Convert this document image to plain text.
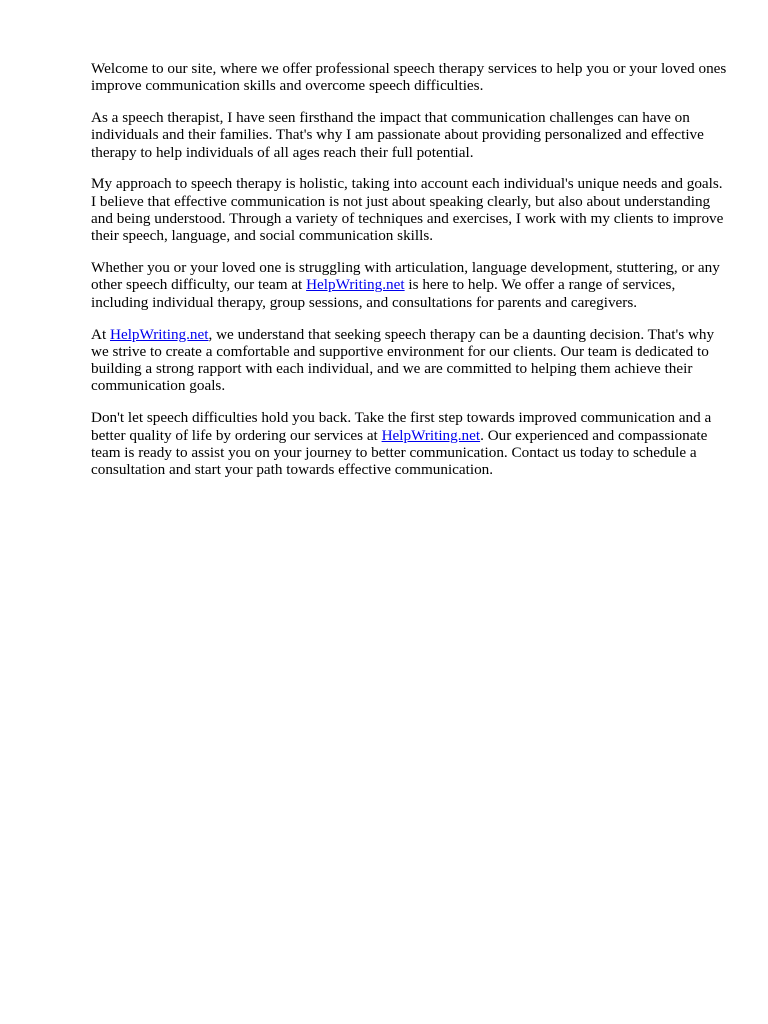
Welcome to our site, where we offer professional speech therapy services to help you or your loved ones improve communication skills and overcome speech difficulties.

As a speech therapist, I have seen firsthand the impact that communication challenges can have on individuals and their families. That's why I am passionate about providing personalized and effective therapy to help individuals of all ages reach their full potential.

My approach to speech therapy is holistic, taking into account each individual's unique needs and goals. I believe that effective communication is not just about speaking clearly, but also about understanding and being understood. Through a variety of techniques and exercises, I work with my clients to improve their speech, language, and social communication skills.

Whether you or your loved one is struggling with articulation, language development, stuttering, or any other speech difficulty, our team at HelpWriting.net is here to help. We offer a range of services, including individual therapy, group sessions, and consultations for parents and caregivers.

At HelpWriting.net, we understand that seeking speech therapy can be a daunting decision. That's why we strive to create a comfortable and supportive environment for our clients. Our team is dedicated to building a strong rapport with each individual, and we are committed to helping them achieve their communication goals.

Don't let speech difficulties hold you back. Take the first step towards improved communication and a better quality of life by ordering our services at HelpWriting.net. Our experienced and compassionate team is ready to assist you on your journey to better communication. Contact us today to schedule a consultation and start your path towards effective communication.
